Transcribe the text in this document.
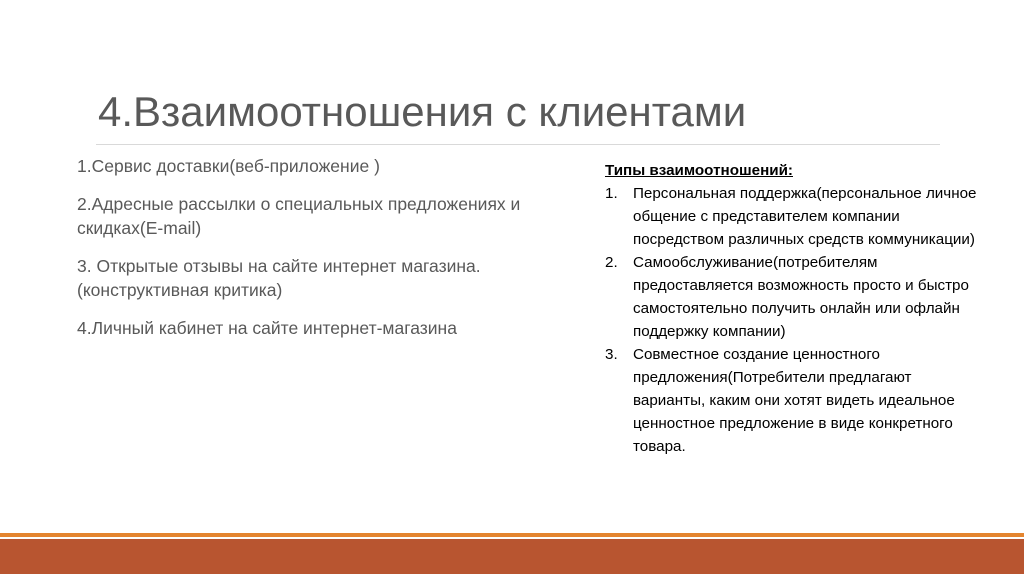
4.Взаимоотношения с клиентами

1.Сервис доставки(веб-приложение )

2.Адресные рассылки о специальных предложениях и скидках(E-mail)

3. Открытые отзывы на сайте интернет магазина.(конструктивная критика)

4.Личный кабинет на сайте интернет-магазина

Типы взаимоотношений:

1.	Персональная поддержка(персональное личное общение с представителем компании посредством различных средств коммуникации)
2.	Самообслуживание(потребителям предоставляется возможность просто и быстро самостоятельно получить онлайн или офлайн поддержку компании)
3.	Совместное создание ценностного предложения(Потребители предлагают варианты, каким они хотят видеть идеальное ценностное предложение в виде конкретного товара.
